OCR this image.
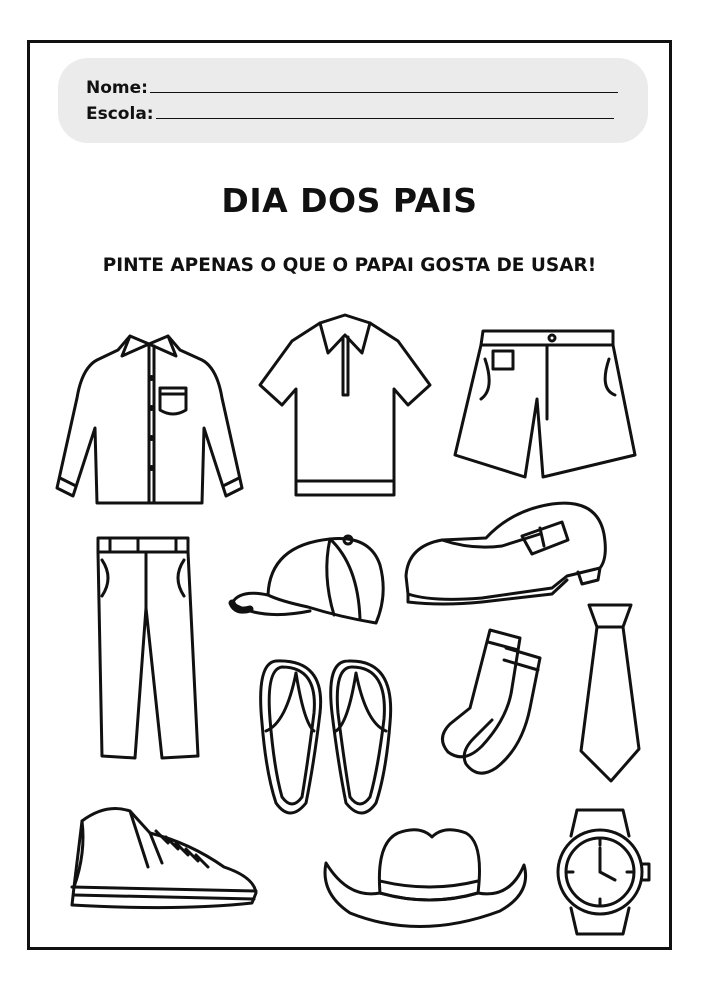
Nome:
Escola:
DIA DOS PAIS
PINTE APENAS O QUE O PAPAI GOSTA DE USAR!
